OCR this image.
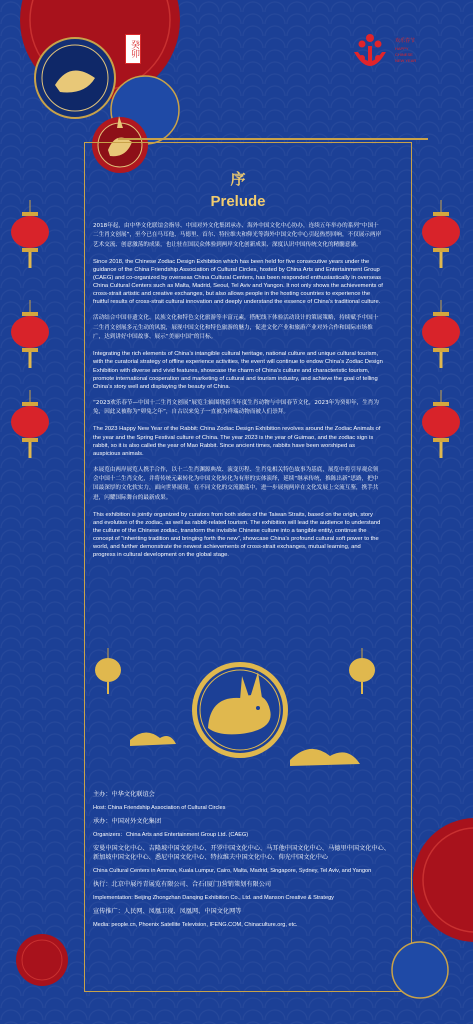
癸卯	欢乐春节
HAPPY
CHINESE
NEW YEAR
序
Prelude

2018年起，由中华文化联谊会指导、中国对外文化集团承办、海外中国文化中心协办，连续五年举办的系列“中国十二生肖文创展”，至今已在马耳他、马德里、首尔、特拉维夫和仰光等海外中国文化中心引起热烈回响，不仅展示两岸艺术交流、创意激荡的成果，也让驻在国民众体验到两岸文化创新成果、深度认识中国传统文化的精髓意涵。

Since 2018, the Chinese Zodiac Design Exhibition which has been held for five consecutive years under the guidance of the China Friendship Association of Cultural Circles, hosted by China Arts and Entertainment Group (CAEG) and co-organized by overseas China Cultural Centers, has been responded enthusiastically in overseas China Cultural Centers such as Malta, Madrid, Seoul, Tel Aviv and Yangon. It not only shows the achievements of cross-strait artistic and creative exchanges, but also allows people in the hosting countries to experience the fruitful results of cross-strait cultural innovation and deeply understand the essence of China’s traditional culture.

活动结合中国非遗文化、民族文化和特色文化旅游等丰富元素，搭配线下体验活动设计的策展策略，持续赋予中国十二生肖文创展多元生动的风貌，展现中国文化和特色旅游的魅力，促进文化产业和旅游产业对外合作和国际市场推广，达到讲好中国故事、展示“美丽中国”的目标。

Integrating the rich elements of China’s intangible cultural heritage, national culture and unique cultural tourism, with the curatorial strategy of offline experience activities, the event will continue to endow China’s Zodiac Design Exhibition with diverse and vivid features, showcase the charm of China’s culture and characteristic tourism, promote international cooperation and marketing of cultural and tourism industry, and achieve the goal of telling China’s story well and displaying the beauty of China.

“2023欢乐春节—中国十二生肖文创展”展览主轴围绕着当年度生肖动物与中国春节文化，2023年为癸卯年，生肖为兔，因此又被称为“卯兔之年”，自古以来兔子一直被为祥瑞动物而被人们崇拜。

The 2023 Happy New Year of the Rabbit: China Zodiac Design Exhibition revolves around the Zodiac Animals of the year and the Spring Festival culture of China. The year 2023 is the year of Guimao, and the zodiac sign is rabbit, so it is also called the year of Mao Rabbit. Since ancient times, rabbits have been worshiped as auspicious animals.

本展览由两岸展览人携手合作，以十二生肖渊源典故、演变历程、生肖兔相关特色故事为基底，展览中将引导观众领会中国十二生肖文化，并将传统元素转化为中国文化转化为有形的实体演绎，延续“继承传统，推陈出新”思路，把中国最深厚的文化软实力，面向世界展现，在不同文化的交流激荡中，进一步展现两岸在文化发展上交流互鉴，携手共进，闪耀国际舞台的最新成果。

This exhibition is jointly organized by curators from both sides of the Taiwan Straits, based on the origin, story and evolution of the zodiac, as well as rabbit-related tourism. The exhibition will lead the audience to understand the culture of the Chinese zodiac, transform the invisible Chinese culture into a tangible entity, continue the concept of “inheriting tradition and bringing forth the new”, showcase China’s profound cultural soft power to the world, and further demonstrate the newest achievements of cross-strait exchanges, mutual learning, and progress in cultural development on the global stage.

主办：中华文化联谊会

Host: China Friendship Association of Cultural Circles

承办：中国对外文化集团

Organizers：China Arts and Entertainment Group Ltd. (CAEG)

安曼中国文化中心、吉隆坡中国文化中心、开罗中国文化中心、马耳他中国文化中心、马德里中国文化中心、新加坡中国文化中心、悉尼中国文化中心、特拉维夫中国文化中心、仰光中国文化中心

China Cultural Centers in Amman, Kuala Lumpur, Cairo, Malta, Madrid, Singapore, Sydney, Tel Aviv, and Yangon

执行：北京中展丹青展览有限公司、合石(厦门)营销策划有限公司

Implementation: Beijing Zhongzhan Danqing Exhibition Co., Ltd. and Manson Creative & Strategy

宣传推广：人民网、凤凰卫视、凤凰网、中国文化网等

Media: people.cn, Phoenix Satellite Television, IFENG.COM, Chinaculture.org, etc.
